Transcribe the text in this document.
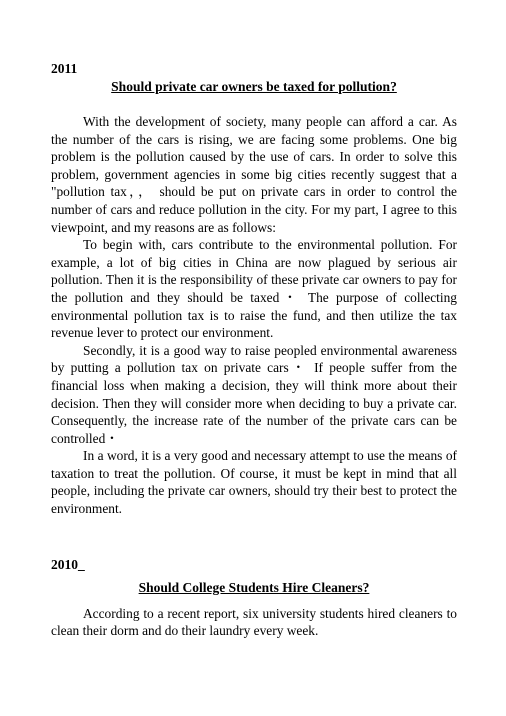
2011

Should private car owners be taxed for pollution?

With the development of society, many people can afford a car. As the number of the cars is rising, we are facing some problems. One big problem is the pollution caused by the use of cars. In order to solve this problem, government agencies in some big cities recently suggest that a "pollution tax，， should be put on private cars in order to control the number of cars and reduce pollution in the city. For my part, I agree to this viewpoint, and my reasons are as follows:

To begin with, cars contribute to the environmental pollution. For example, a lot of big cities in China are now plagued by serious air pollution. Then it is the responsibility of these private car owners to pay for the pollution and they should be taxed・ The purpose of collecting environmental pollution tax is to raise the fund, and then utilize the tax revenue lever to protect our environment.

Secondly, it is a good way to raise peopled environmental awareness by putting a pollution tax on private cars・ If people suffer from the financial loss when making a decision, they will think more about their decision. Then they will consider more when deciding to buy a private car. Consequently, the increase rate of the number of the private cars can be controlled・

In a word, it is a very good and necessary attempt to use the means of taxation to treat the pollution. Of course, it must be kept in mind that all people, including the private car owners, should try their best to protect the environment.

2010_

Should College Students Hire Cleaners?

According to a recent report, six university students hired cleaners to clean their dorm and do their laundry every week.
